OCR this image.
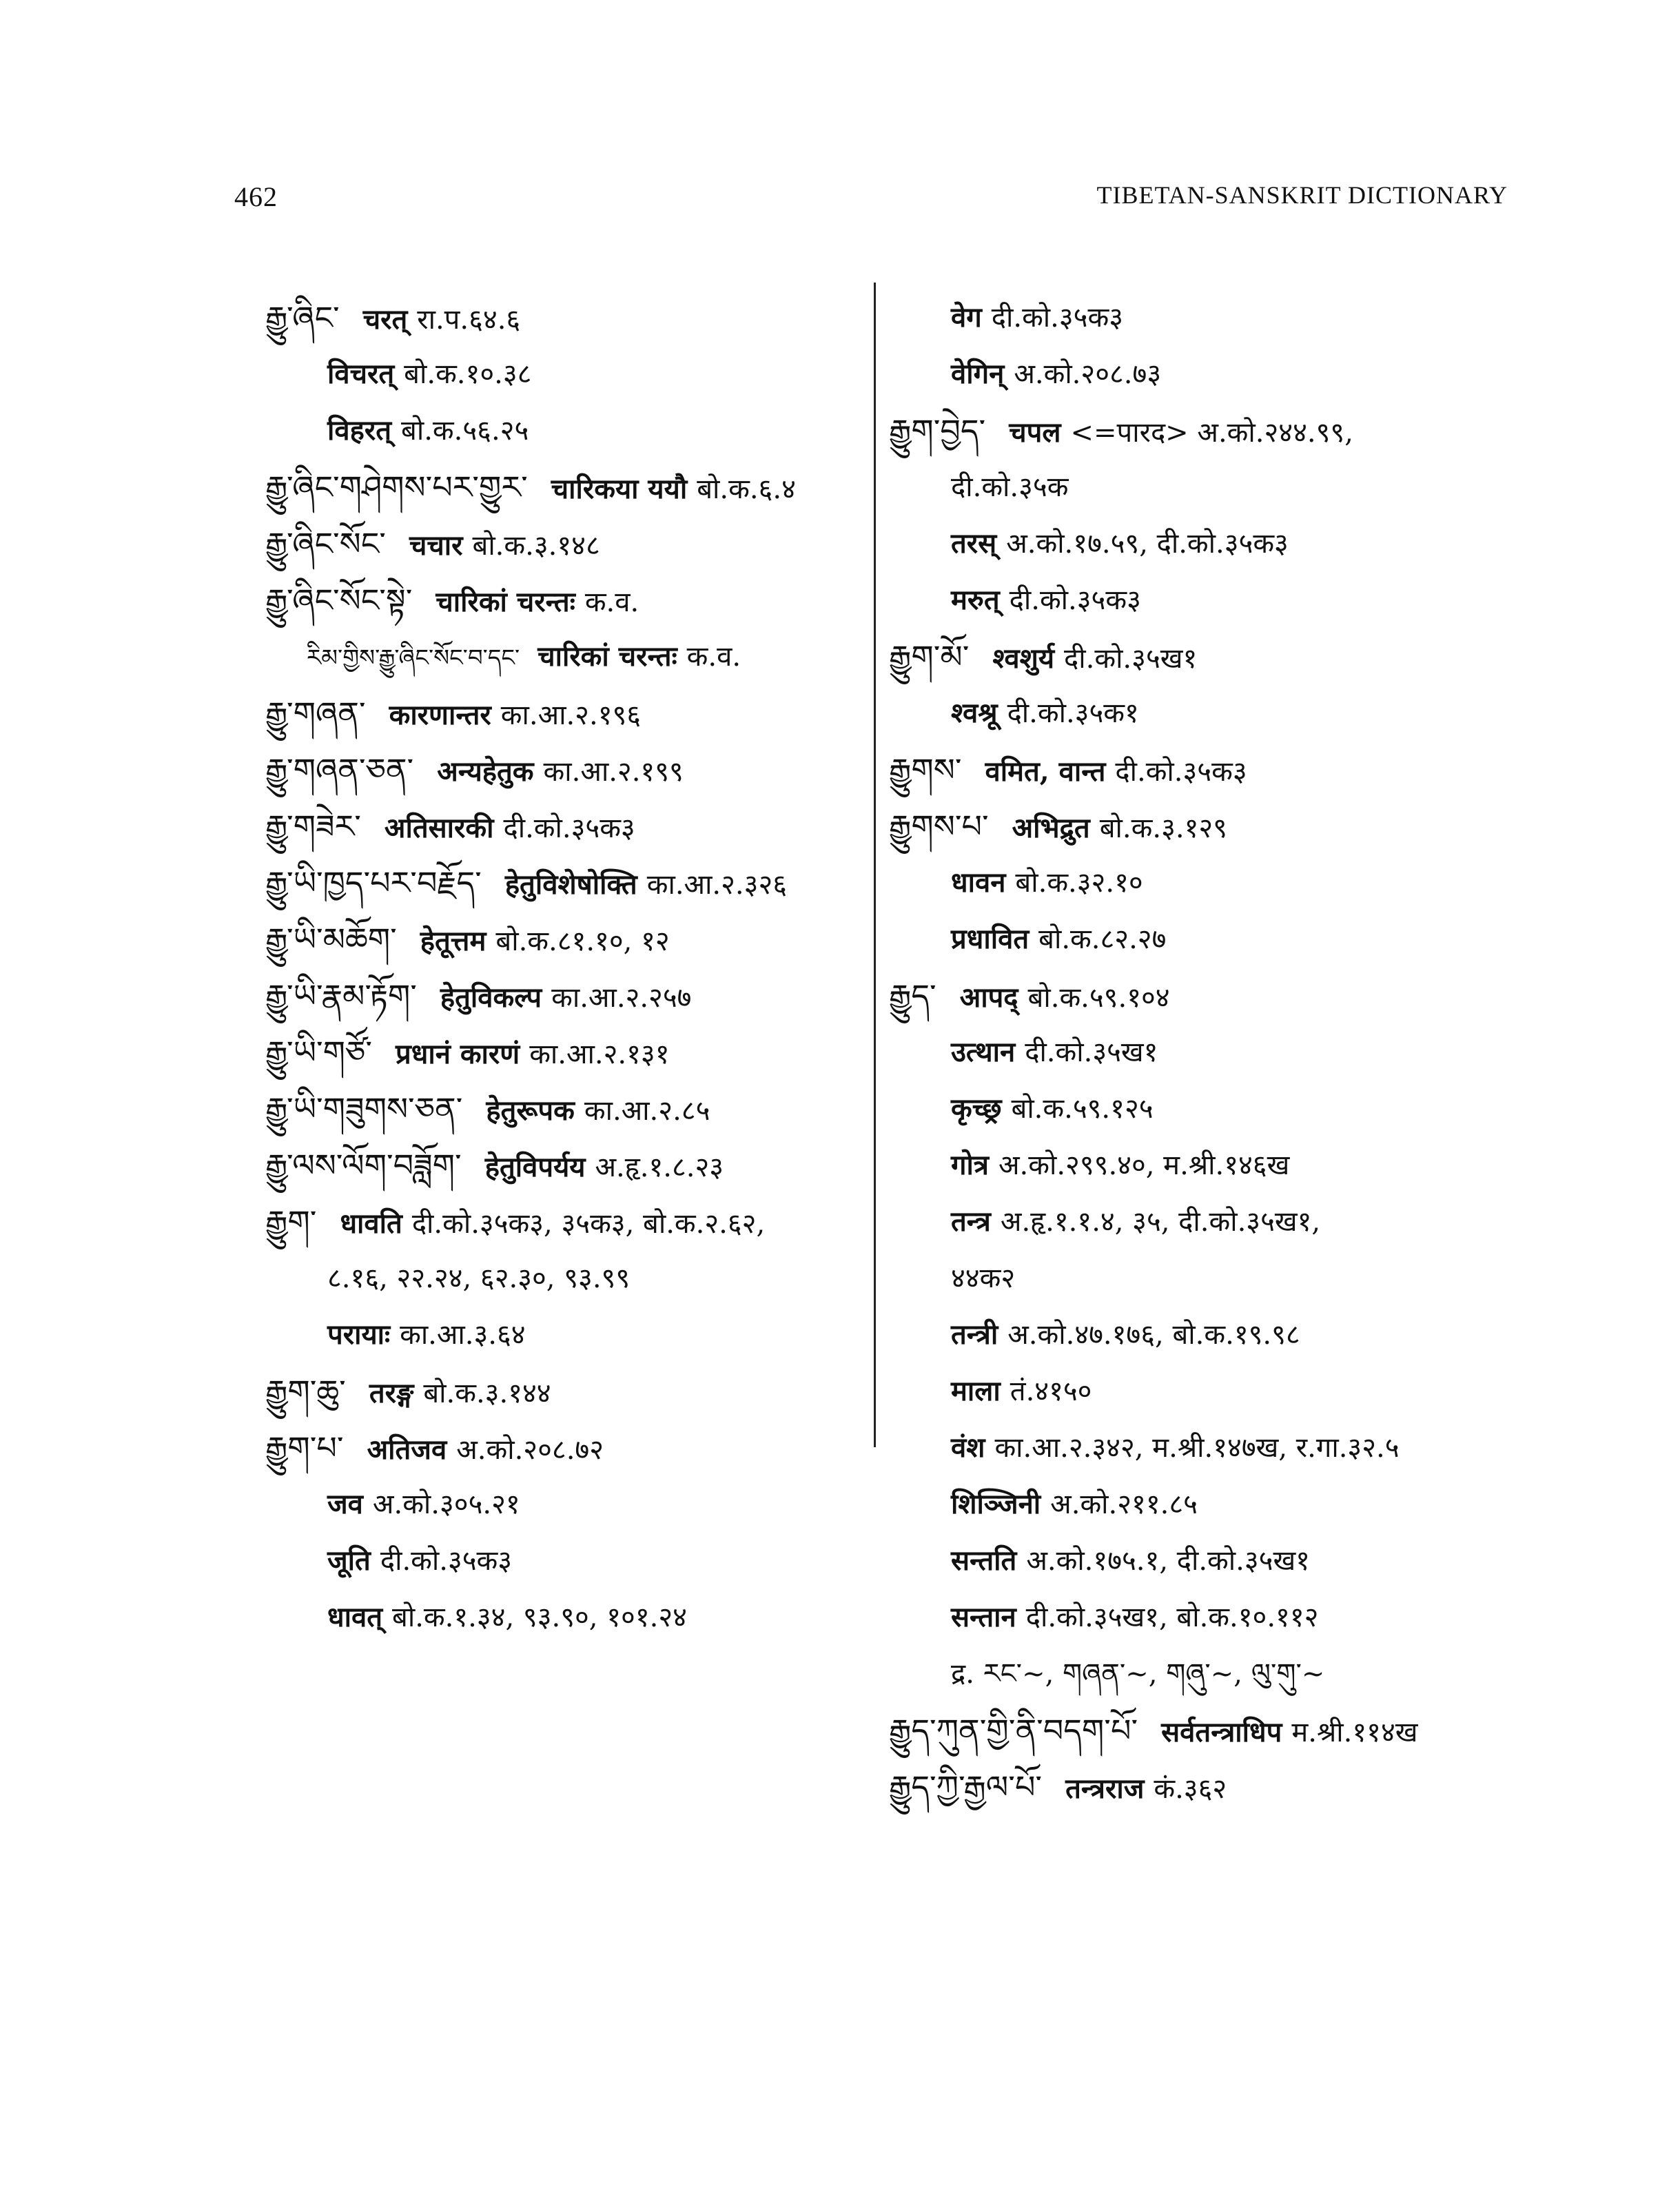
462	TIBETAN-SANSKRIT DICTIONARY
རྒྱུ་ཞིང་ चरत् रा.प.६४.६
विचरत् बो.क.१०.३८
विहरत् बो.क.५६.२५
རྒྱུ་ཞིང་གཤེགས་པར་གྱུར་ चारिकया ययौ बो.क.६.४
རྒྱུ་ཞིང་སོང་ चचार बो.क.३.१४८
རྒྱུ་ཞིང་སོང་སྟེ་ चारिकां चरन्तः क.व.
རིམ་གྱིས་རྒྱུ་ཞིང་སོང་བ་དང་ चारिकां चरन्तः क.व.
རྒྱུ་གཞན་ कारणान्तर का.आ.२.१९६
རྒྱུ་གཞན་ཅན་ अन्यहेतुक का.आ.२.१९९
རྒྱུ་གཟེར་ अतिसारकी दी.को.३५क३
རྒྱུ་ཡི་ཁྱད་པར་བརྗོད་ हेतुविशेषोक्ति का.आ.२.३२६
རྒྱུ་ཡི་མཆོག་ हेतूत्तम बो.क.८१.१०, १२
རྒྱུ་ཡི་རྣམ་རྟོག་ हेतुविकल्प का.आ.२.२५७
རྒྱུ་ཡི་གཙོ་ प्रधानं कारणं का.आ.२.१३१
རྒྱུ་ཡི་གཟུགས་ཅན་ हेतुरूपक का.आ.२.८५
རྒྱུ་ལས་ལོག་བཟློག་ हेतुविपर्यय अ.हृ.१.८.२३
རྒྱུག་ धावति दी.को.३५क३, ३५क३, बो.क.२.६२,
८.१६, २२.२४, ६२.३०, ९३.९९
परायाः का.आ.३.६४
རྒྱུག་ཆུ་ तरङ्ग बो.क.३.१४४
རྒྱུག་པ་ अतिजव अ.को.२०८.७२
जव अ.को.३०५.२१
जूति दी.को.३५क३
धावत् बो.क.१.३४, ९३.९०, १०१.२४
वेग दी.को.३५क३
वेगिन् अ.को.२०८.७३
རྒྱུག་བྱེད་ चपल <=पारद> अ.को.२४४.९९,
दी.को.३५क
तरस् अ.को.१७.५९, दी.को.३५क३
मरुत् दी.को.३५क३
རྒྱུག་མོ་ श्वशुर्य दी.को.३५ख१
श्वश्रू दी.को.३५क१
རྒྱུགས་ वमित, वान्त दी.को.३५क३
རྒྱུགས་པ་ अभिद्रुत बो.क.३.१२९
धावन बो.क.३२.१०
प्रधावित बो.क.८२.२७
རྒྱུད་ आपद् बो.क.५९.१०४
उत्थान दी.को.३५ख१
कृच्छ्र बो.क.५९.१२५
गोत्र अ.को.२९९.४०, म.श्री.१४६ख
तन्त्र अ.हृ.१.१.४, ३५, दी.को.३५ख१,
४४क२
तन्त्री अ.को.४७.१७६, बो.क.१९.९८
माला तं.४१५०
वंश का.आ.२.३४२, म.श्री.१४७ख, र.गा.३२.५
शिञ्जिनी अ.को.२११.८५
सन्तति अ.को.१७५.१, दी.को.३५ख१
सन्तान दी.को.३५ख१, बो.क.१०.११२
द्र. རང་~, གཞན་~, གཞུ་~, ལུ་གུ་~
རྒྱུད་ཀུན་གྱི་ནི་བདག་པོ་ सर्वतन्त्राधिप म.श्री.११४ख
རྒྱུད་ཀྱི་རྒྱལ་པོ་ तन्त्रराज कं.३६२
